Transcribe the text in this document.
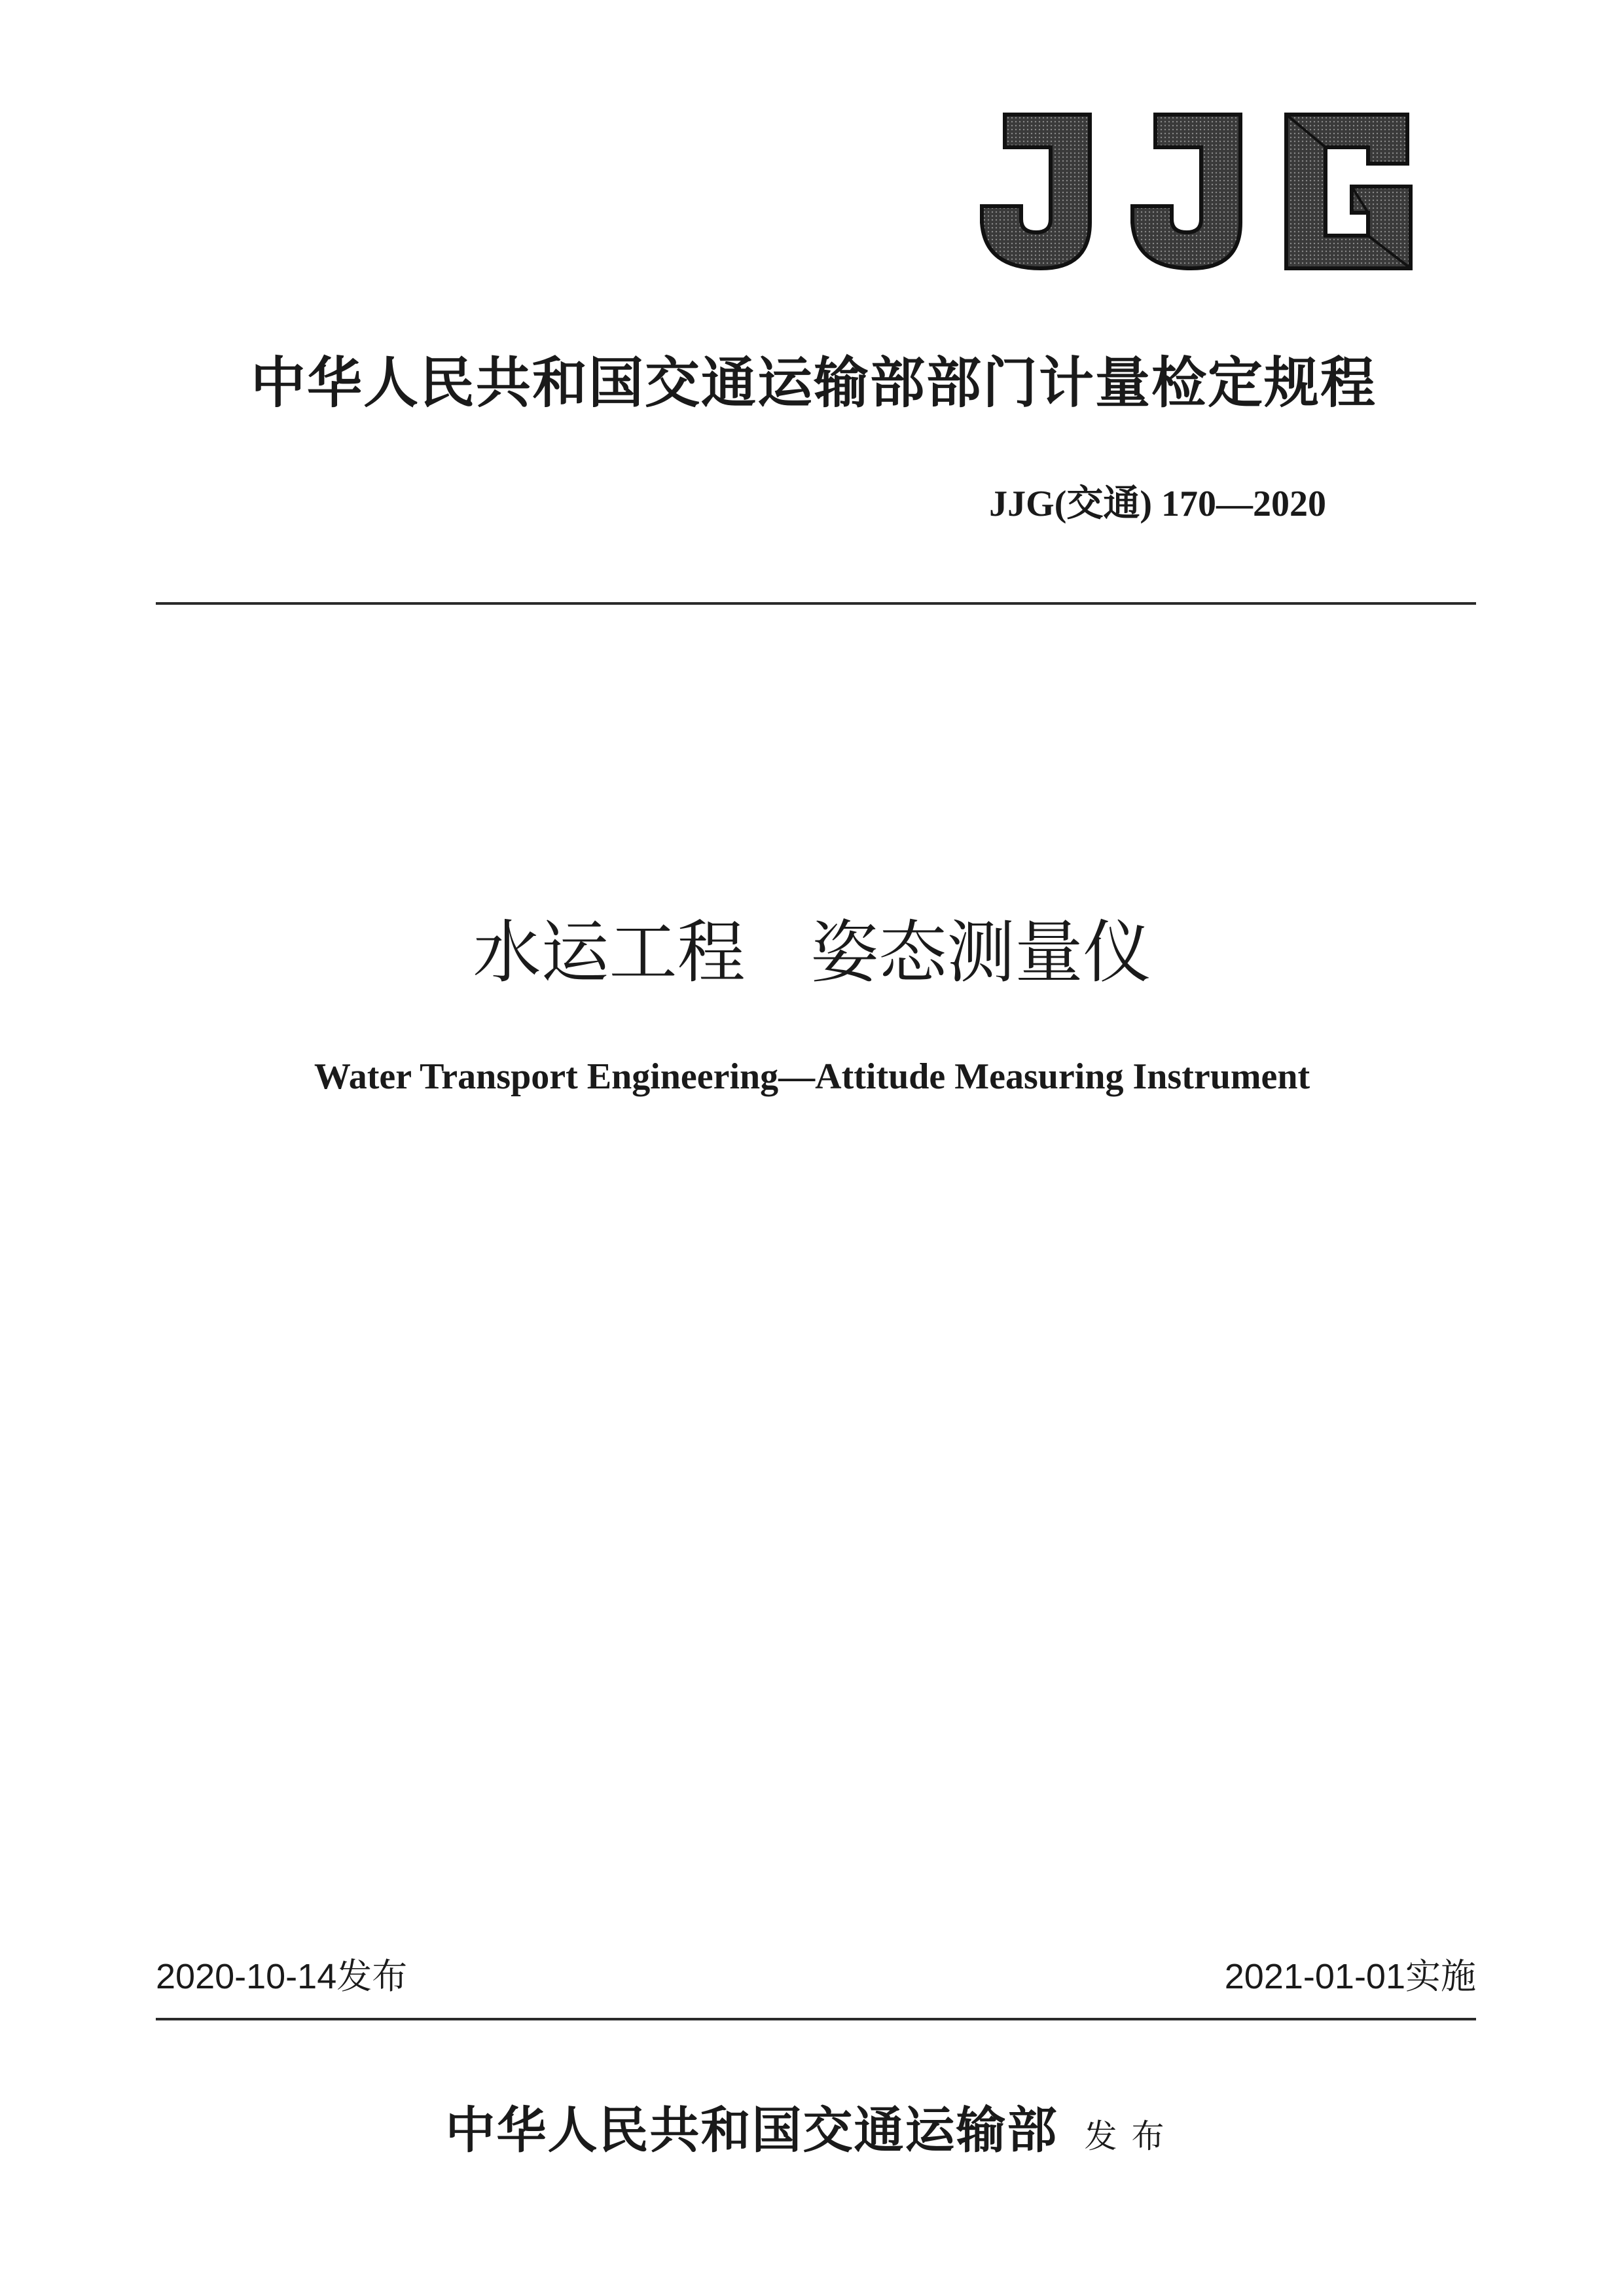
中华人民共和国交通运输部部门计量检定规程
JJG(交通) 170—2020
水运工程 姿态测量仪
Water Transport Engineering—Attitude Measuring Instrument
2020-10-14发布	2021-01-01实施
中华人民共和国交通运输部 发布
